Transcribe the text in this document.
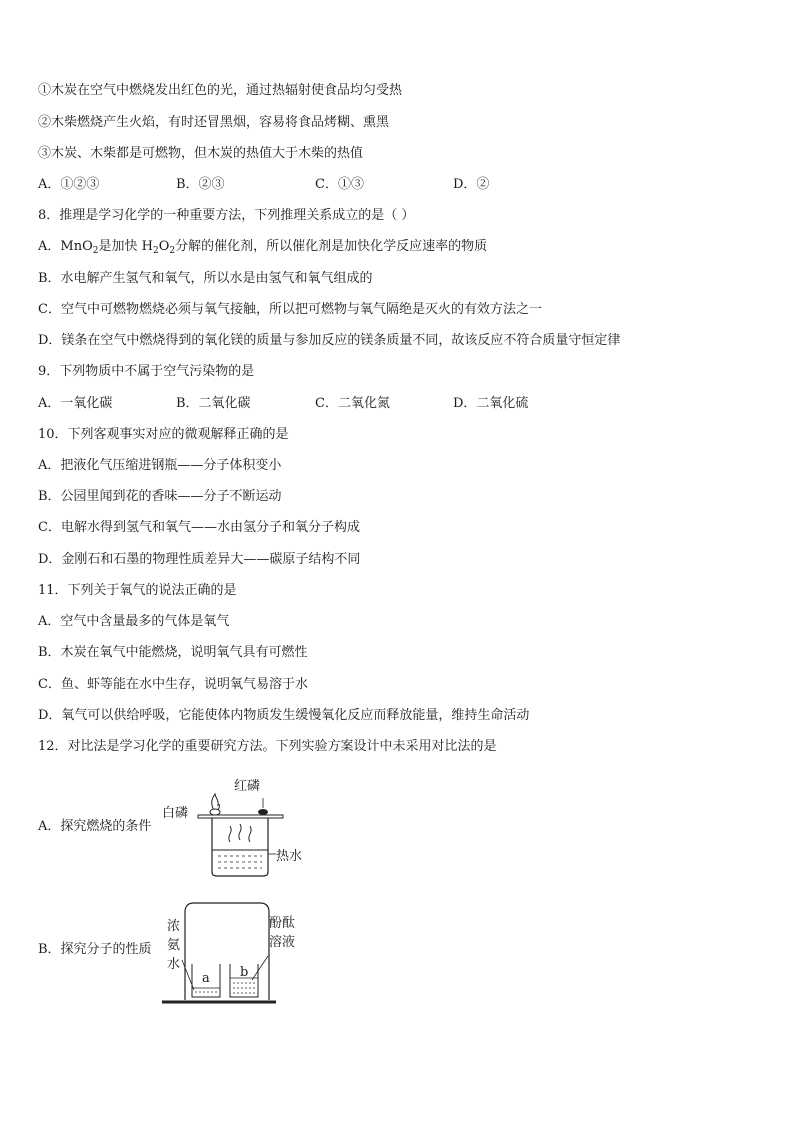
①木炭在空气中燃烧发出红色的光，通过热辐射使食品均匀受热
②木柴燃烧产生火焰，有时还冒黑烟，容易将食品烤糊、熏黑
③木炭、木柴都是可燃物，但木炭的热值大于木柴的热值
A．①②③	B．②③	C．①③	D．②
8．推理是学习化学的一种重要方法，下列推理关系成立的是（ ）
A．MnO$_2$是加快 $H_2O_2$分解的催化剂，所以催化剂是加快化学反应速率的物质
B．水电解产生氢气和氧气，所以水是由氢气和氧气组成的
C．空气中可燃物燃烧必须与氧气接触，所以把可燃物与氧气隔绝是灭火的有效方法之一
D．镁条在空气中燃烧得到的氧化镁的质量与参加反应的镁条质量不同，故该反应不符合质量守恒定律
9．下列物质中不属于空气污染物的是
A．一氧化碳	B．二氧化碳	C．二氧化氮	D．二氧化硫
10．下列客观事实对应的微观解释正确的是
A．把液化气压缩进钢瓶——分子体积变小
B．公园里闻到花的香味——分子不断运动
C．电解水得到氢气和氧气——水由氢分子和氧分子构成
D．金刚石和石墨的物理性质差异大——碳原子结构不同
11．下列关于氧气的说法正确的是
A．空气中含量最多的气体是氧气
B．木炭在氧气中能燃烧，说明氧气具有可燃性
C．鱼、虾等能在水中生存，说明氧气易溶于水
D．氧气可以供给呼吸，它能使体内物质发生缓慢氧化反应而释放能量，维持生命活动
12．对比法是学习化学的重要研究方法。下列实验方案设计中未采用对比法的是
A．探究燃烧的条件
B．探究分子的性质
红磷
白磷
热水
a b
浓
氨
水
酚酞
溶液
